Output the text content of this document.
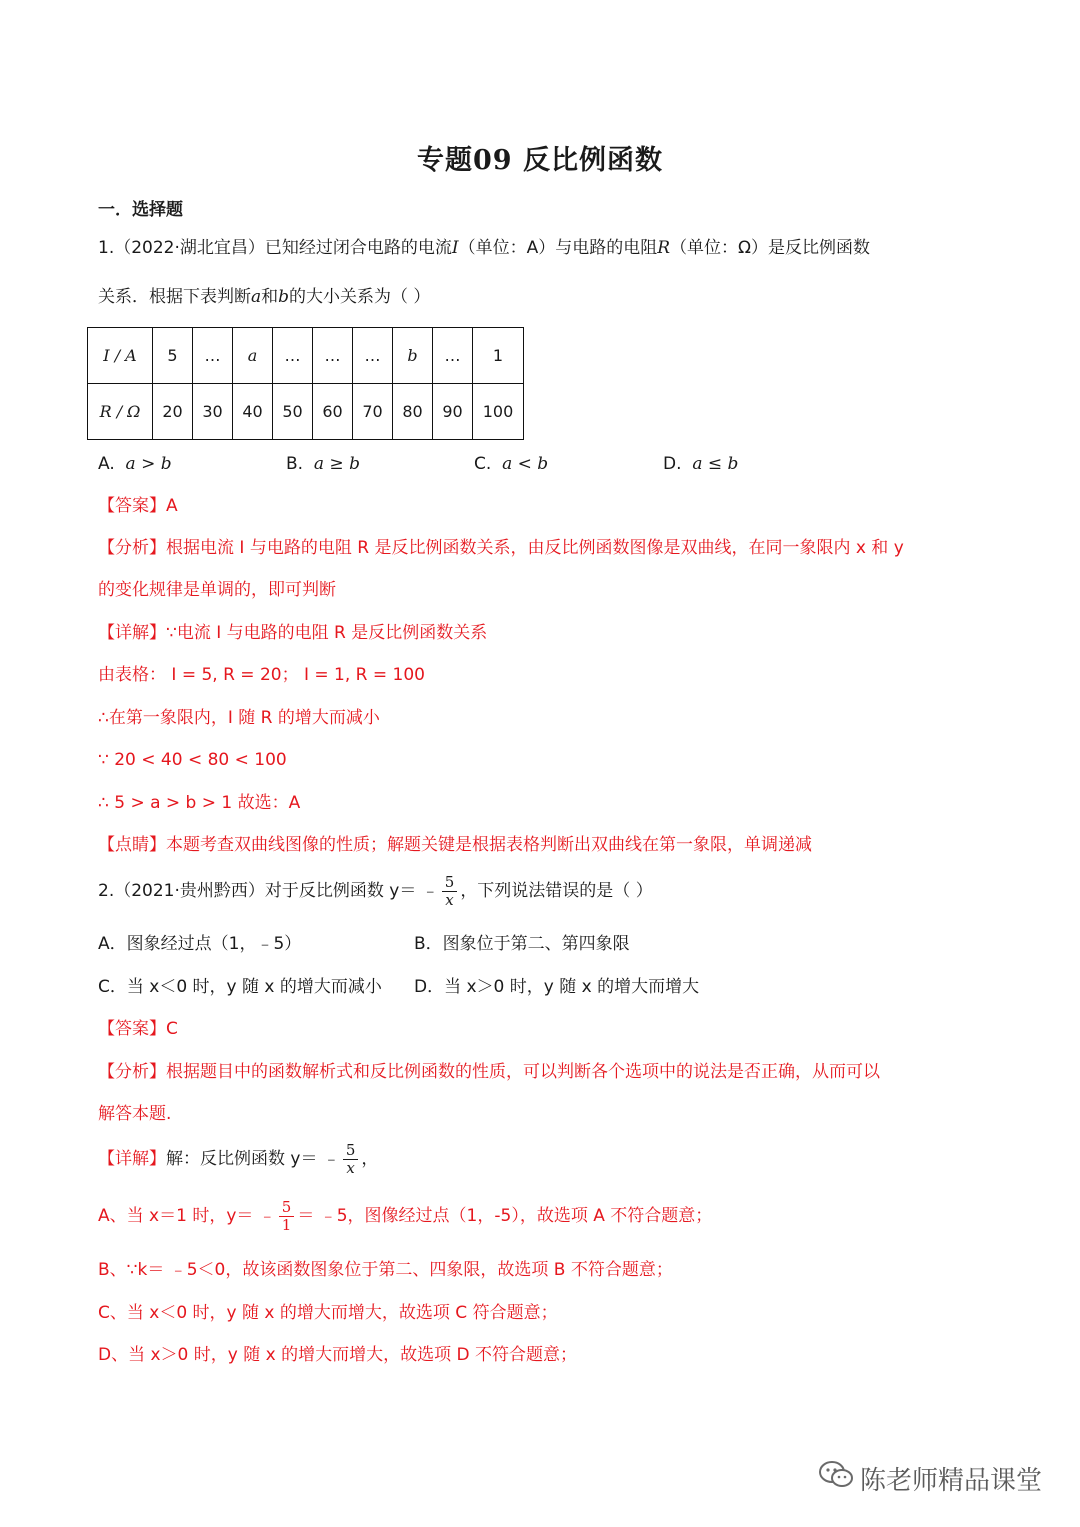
专题09 反比例函数
一．选择题
1.（2022·湖北宜昌）已知经过闭合电路的电流I（单位：A）与电路的电阻R（单位：Ω）是反比例函数
关系．根据下表判断a和b的大小关系为（ ）
I / A	5	…	a	…	…	…	b	…	1
R / Ω	20	30	40	50	60	70	80	90	100
A. a > b	B. a ≥ b	C. a < b	D. a ≤ b
【答案】A
【分析】根据电流 I 与电路的电阻 R 是反比例函数关系，由反比例函数图像是双曲线，在同一象限内 x 和 y
的变化规律是单调的，即可判断
【详解】∵电流 I 与电路的电阻 R 是反比例函数关系
由表格： I = 5, R = 20； I = 1, R = 100
∴在第一象限内，I 随 R 的增大而减小
∵ 20 < 40 < 80 < 100
∴ 5 > a > b > 1 故选：A
【点睛】本题考查双曲线图像的性质；解题关键是根据表格判断出双曲线在第一象限，单调递减
2.（2021·贵州黔西）对于反比例函数 y＝ ﹣ $\frac{5}{x}$ ，下列说法错误的是（ ）
A．图象经过点（1，﹣5）	B．图象位于第二、第四象限
C．当 x＜0 时，y 随 x 的增大而减小 D．当 x＞0 时，y 随 x 的增大而增大
【答案】C
【分析】根据题目中的函数解析式和反比例函数的性质，可以判断各个选项中的说法是否正确，从而可以
解答本题.
【详解】 解：反比例函数 y＝ ﹣ $\frac{5}{x}$ ，
A、当 x＝1 时，y＝ ﹣ $\frac{5}{1}$ ＝ ﹣5，图像经过点（1，-5），故选项 A 不符合题意；
B、∵k＝ ﹣5＜0，故该函数图象位于第二、四象限，故选项 B 不符合题意；
C、当 x＜0 时，y 随 x 的增大而增大，故选项 C 符合题意；
D、当 x＞0 时，y 随 x 的增大而增大，故选项 D 不符合题意；
陈老师精品课堂
